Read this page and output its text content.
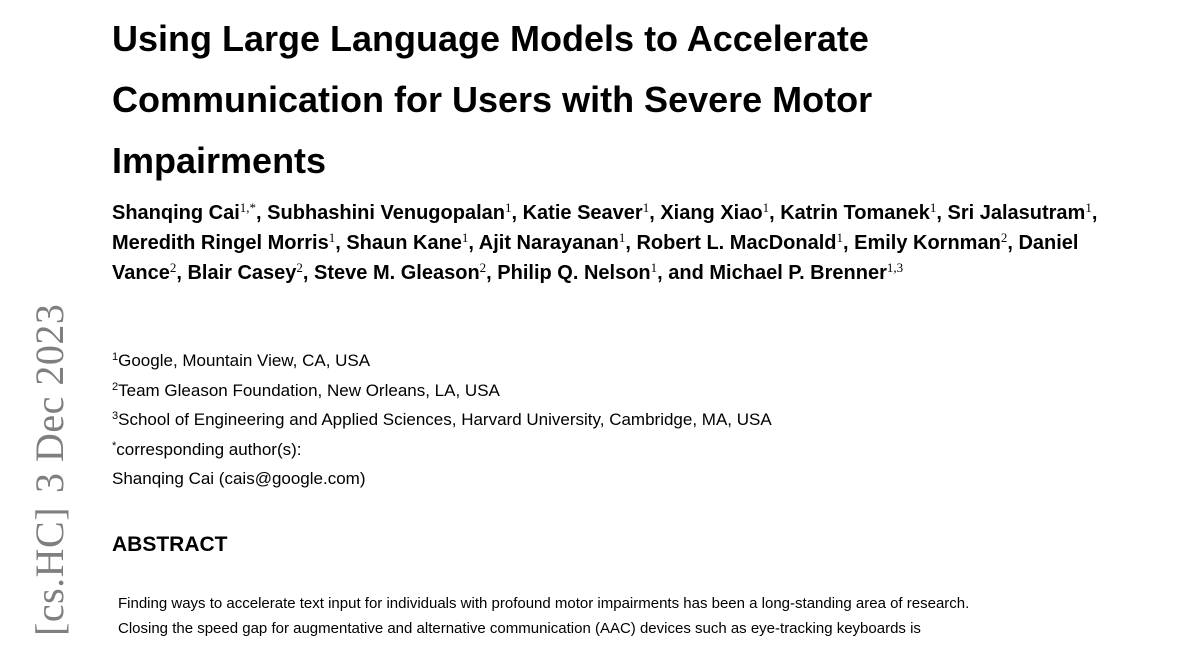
[cs.HC]3 Dec 2023
Using Large Language Models to Accelerate Communication for Users with Severe Motor Impairments
Shanqing Cai$^{1,*}$, Subhashini Venugopalan$^1$, Katie Seaver$^1$, Xiang Xiao$^1$, Katrin Tomanek$^1$, Sri Jalasutram$^1$, Meredith Ringel Morris$^1$, Shaun Kane$^1$, Ajit Narayanan$^1$, Robert L. MacDonald$^1$, Emily Kornman$^2$, Daniel Vance$^2$, Blair Casey$^2$, Steve M. Gleason$^2$, Philip Q. Nelson$^1$, and Michael P. Brenner$^{1,3}$
$^1$Google, Mountain View, CA, USA
$^2$Team Gleason Foundation, New Orleans, LA, USA
$^3$School of Engineering and Applied Sciences, Harvard University, Cambridge, MA, USA
*corresponding author(s):
Shanqing Cai (cais@google.com)
ABSTRACT
Finding ways to accelerate text input for individuals with profound motor impairments has been a long-standing area of research.
Closing the speed gap for augmentative and alternative communication (AAC) devices such as eye-tracking keyboards is
